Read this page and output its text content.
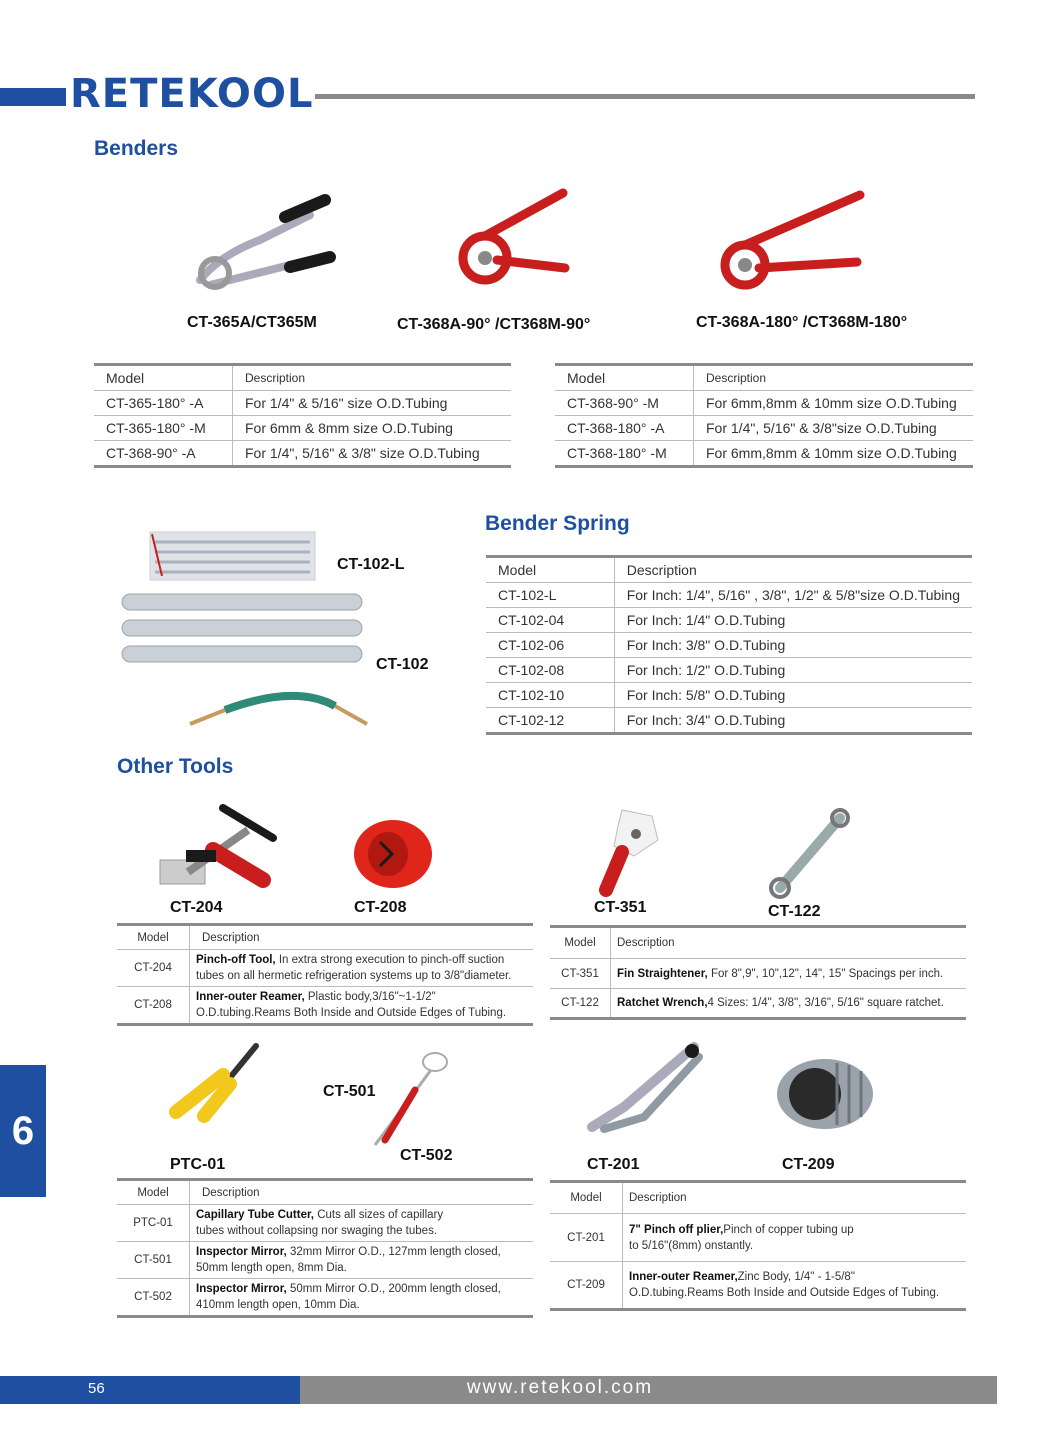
RETEKOOL
Benders
CT-365A/CT365M	CT-368A-90° /CT368M-90°	CT-368A-180° /CT368M-180°
Model	Description
CT-365-180° -A	For 1/4" & 5/16" size O.D.Tubing
CT-365-180° -M	For 6mm & 8mm size O.D.Tubing
CT-368-90° -A	For 1/4", 5/16" & 3/8" size O.D.Tubing
Model	Description
CT-368-90° -M	For 6mm,8mm & 10mm size O.D.Tubing
CT-368-180° -A	For 1/4", 5/16" & 3/8"size O.D.Tubing
CT-368-180° -M	For 6mm,8mm & 10mm size O.D.Tubing
CT-102-L
CT-102
Bender Spring
Model	Description
CT-102-L	For Inch: 1/4", 5/16" , 3/8", 1/2" & 5/8"size O.D.Tubing
CT-102-04	For Inch: 1/4" O.D.Tubing
CT-102-06	For Inch: 3/8" O.D.Tubing
CT-102-08	For Inch: 1/2" O.D.Tubing
CT-102-10	For Inch: 5/8" O.D.Tubing
CT-102-12	For Inch: 3/4" O.D.Tubing
Other Tools
CT-204	CT-208	CT-351	CT-122
Model	Description
CT-204	Pinch-off Tool, In extra strong execution to pinch-off suction
tubes on all hermetic refrigeration systems up to 3/8"diameter.
CT-208	Inner-outer Reamer, Plastic body,3/16"~1-1/2"
O.D.tubing.Reams Both Inside and Outside Edges of Tubing.
Model	Description
CT-351	Fin Straightener, For 8",9", 10",12", 14", 15" Spacings per inch.
CT-122	Ratchet Wrench,4 Sizes: 1/4", 3/8", 3/16", 5/16" square ratchet.
CT-501
CT-502
PTC-01	CT-201	CT-209
Model	Description
PTC-01	Capillary Tube Cutter, Cuts all sizes of capillary
tubes without collapsing nor swaging the tubes.
CT-501	Inspector Mirror, 32mm Mirror O.D., 127mm length closed,
50mm length open, 8mm Dia.
CT-502	Inspector Mirror, 50mm Mirror O.D., 200mm length closed,
410mm length open, 10mm Dia.
Model	Description
CT-201	7" Pinch off plier,Pinch of copper tubing up
to 5/16"(8mm) onstantly.
CT-209	Inner-outer Reamer,Zinc Body, 1/4" - 1-5/8"
O.D.tubing.Reams Both Inside and Outside Edges of Tubing.
6
56	www.retekool.com
